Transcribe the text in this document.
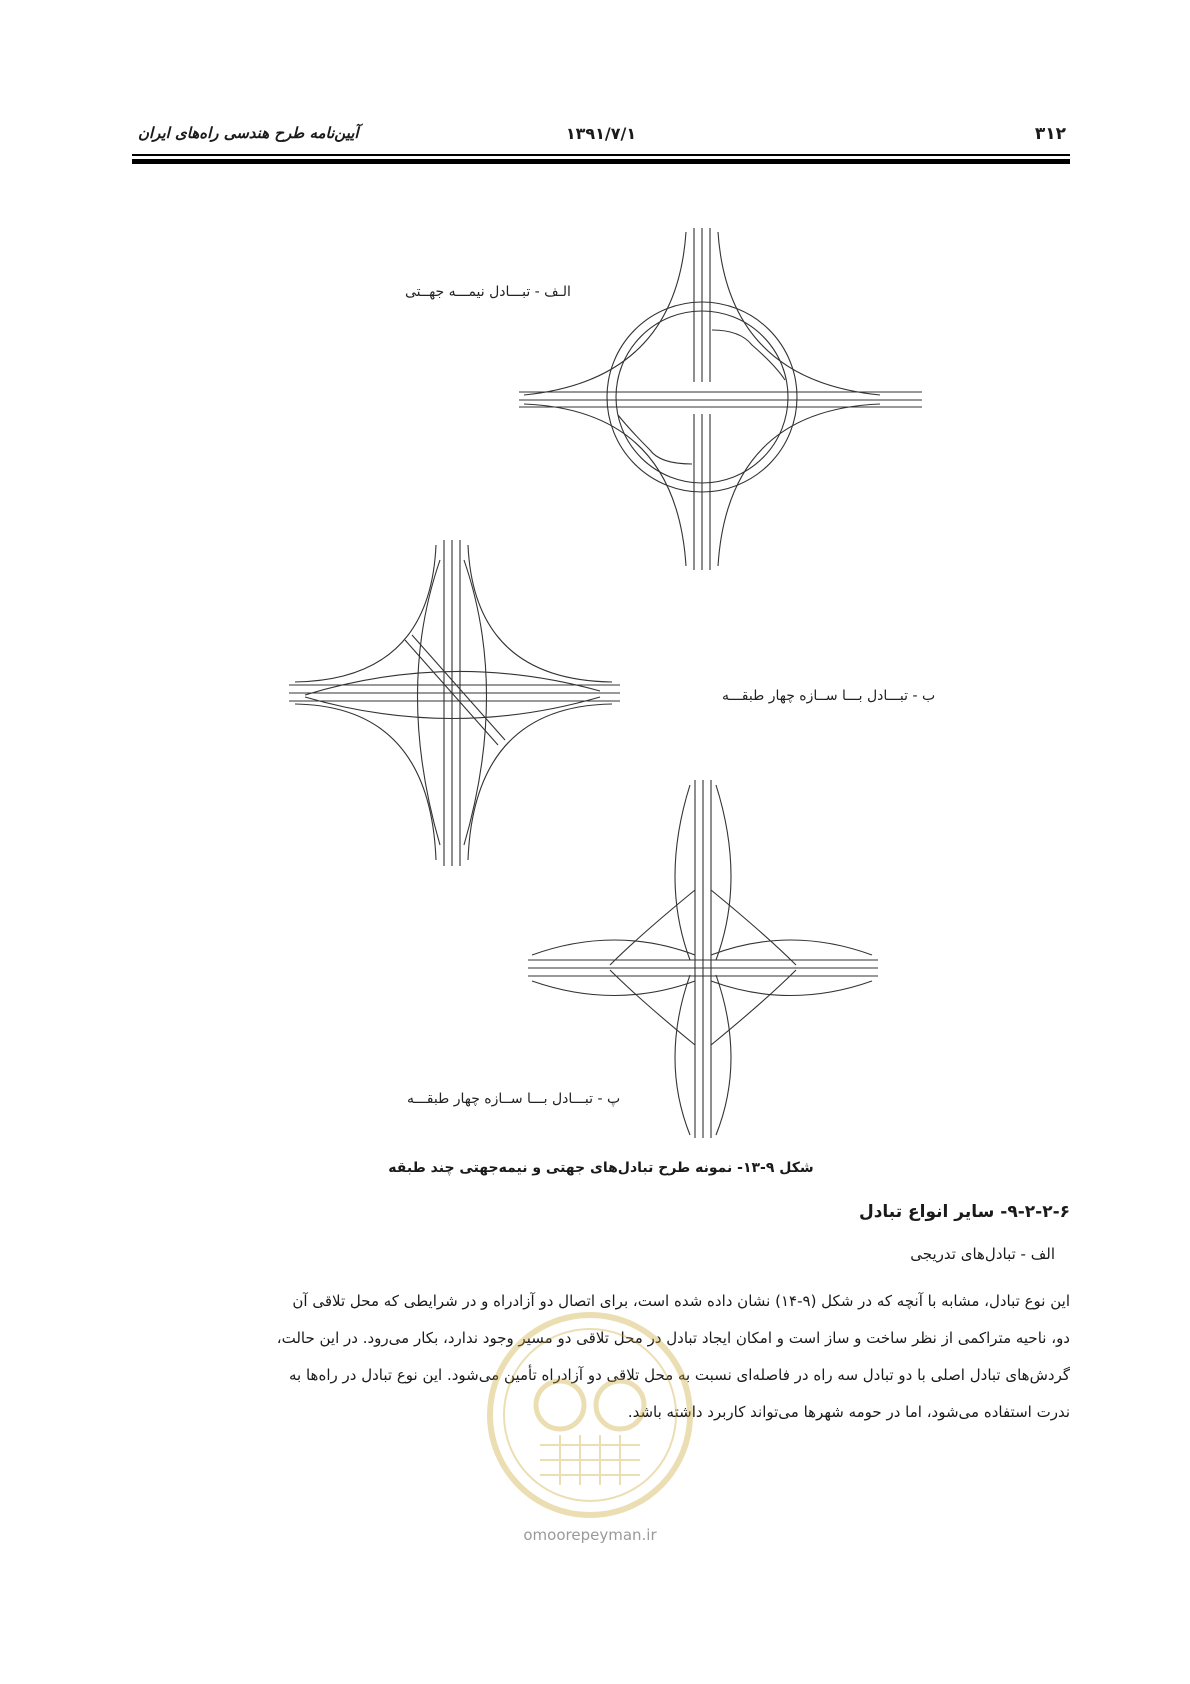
۳۱۲
۱۳۹۱/۷/۱
آیین‌نامه طرح هندسی راه‌های ایران
الـف - تبـــادل نیمـــه جهــتی
ب - تبـــادل بـــا ســازه چهار طبقـــه
پ - تبـــادل بـــا ســازه چهار طبقـــه
شکل ۹-۱۳- نمونه طرح تبادل‌های جهتی و نیمه‌جهتی چند طبقه
۹-۲-۲-۶- سایر انواع تبادل
الف - تبادل‌های تدریجی

این نوع تبادل، مشابه با آنچه که در شکل (۹-۱۴) نشان داده شده است، برای اتصال دو آزادراه و در شرایطی که محل تلاقی آن

دو، ناحیه متراکمی از نظر ساخت و ساز است و امکان ایجاد تبادل در محل تلاقی دو مسیر وجود ندارد، بکار می‌رود. در این حالت،

گردش‌های تبادل اصلی با دو تبادل سه راه در فاصله‌ای نسبت به محل تلاقی دو آزادراه تأمین می‌شود. این نوع تبادل در راه‌ها به

ندرت استفاده می‌شود، اما در حومه شهرها می‌تواند کاربرد داشته باشد.

omoorepeyman.ir
